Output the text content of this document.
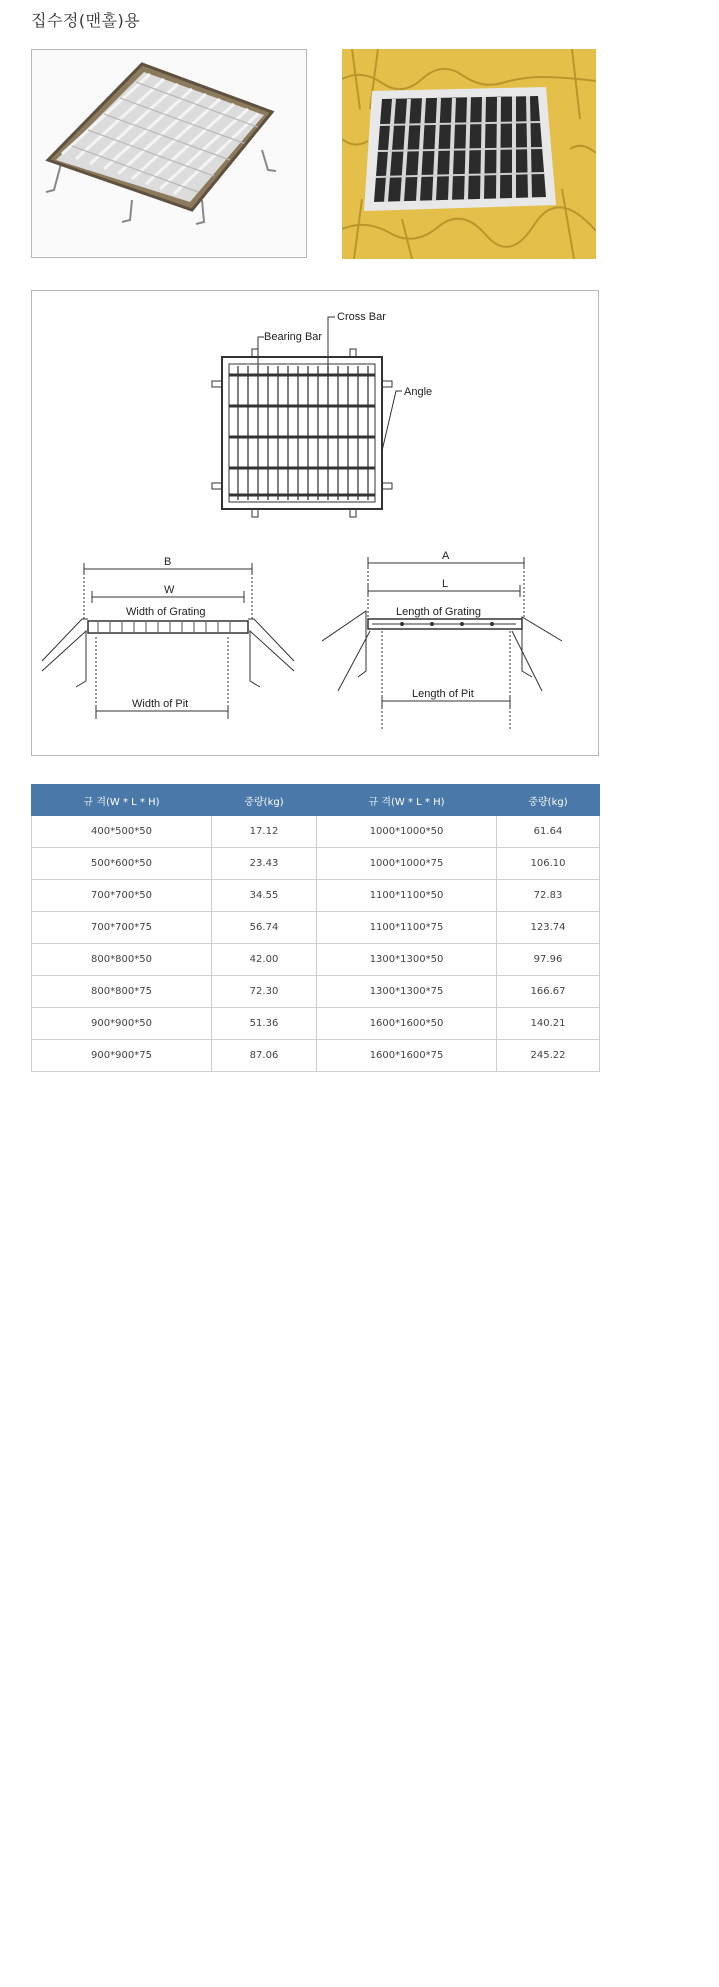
집수정(맨홀)용
Cross Bar
Bearing Bar
Angle
B
W
Width of Grating
Width of Pit
A
L
Length of Grating
Length of Pit
규 격(W * L * H)	중량(kg)	규 격(W * L * H)	중량(kg)
400*500*50	17.12	1000*1000*50	61.64
500*600*50	23.43	1000*1000*75	106.10
700*700*50	34.55	1100*1100*50	72.83
700*700*75	56.74	1100*1100*75	123.74
800*800*50	42.00	1300*1300*50	97.96
800*800*75	72.30	1300*1300*75	166.67
900*900*50	51.36	1600*1600*50	140.21
900*900*75	87.06	1600*1600*75	245.22
